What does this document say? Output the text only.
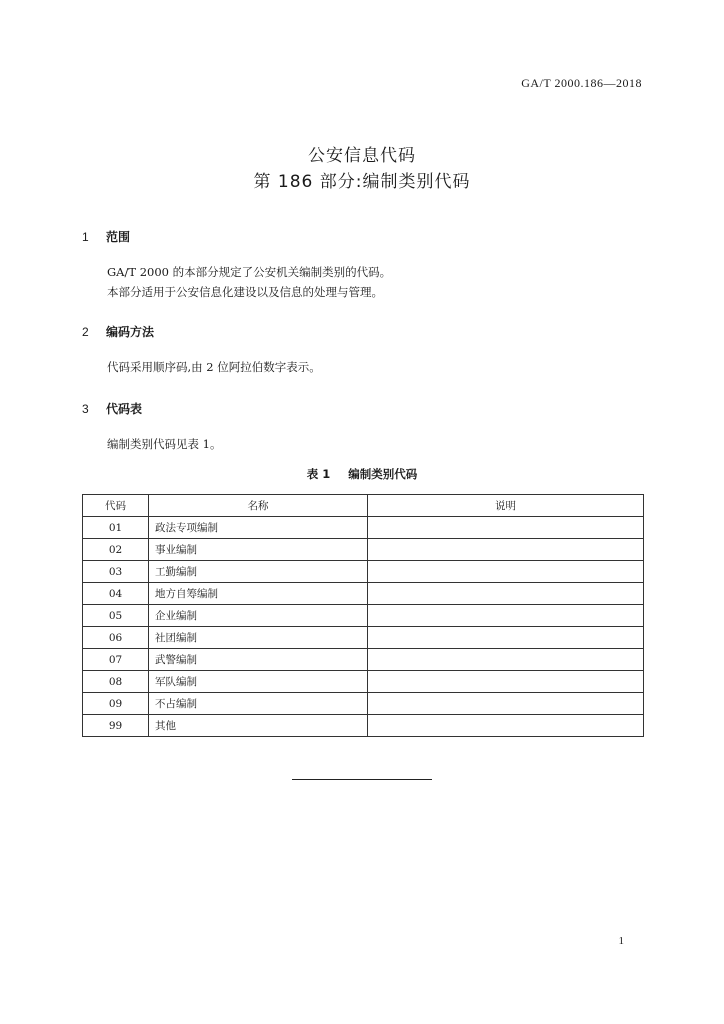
GA/T 2000.186—2018
公安信息代码
第 186 部分:编制类别代码
1 范围
GA/T 2000 的本部分规定了公安机关编制类别的代码。
本部分适用于公安信息化建设以及信息的处理与管理。
2 编码方法
代码采用顺序码,由 2 位阿拉伯数字表示。
3 代码表
编制类别代码见表 1。
表 1 编制类别代码
代码	名称	说明
01	政法专项编制	
02	事业编制	
03	工勤编制	
04	地方自筹编制	
05	企业编制	
06	社团编制	
07	武警编制	
08	军队编制	
09	不占编制	
99	其他	
1
